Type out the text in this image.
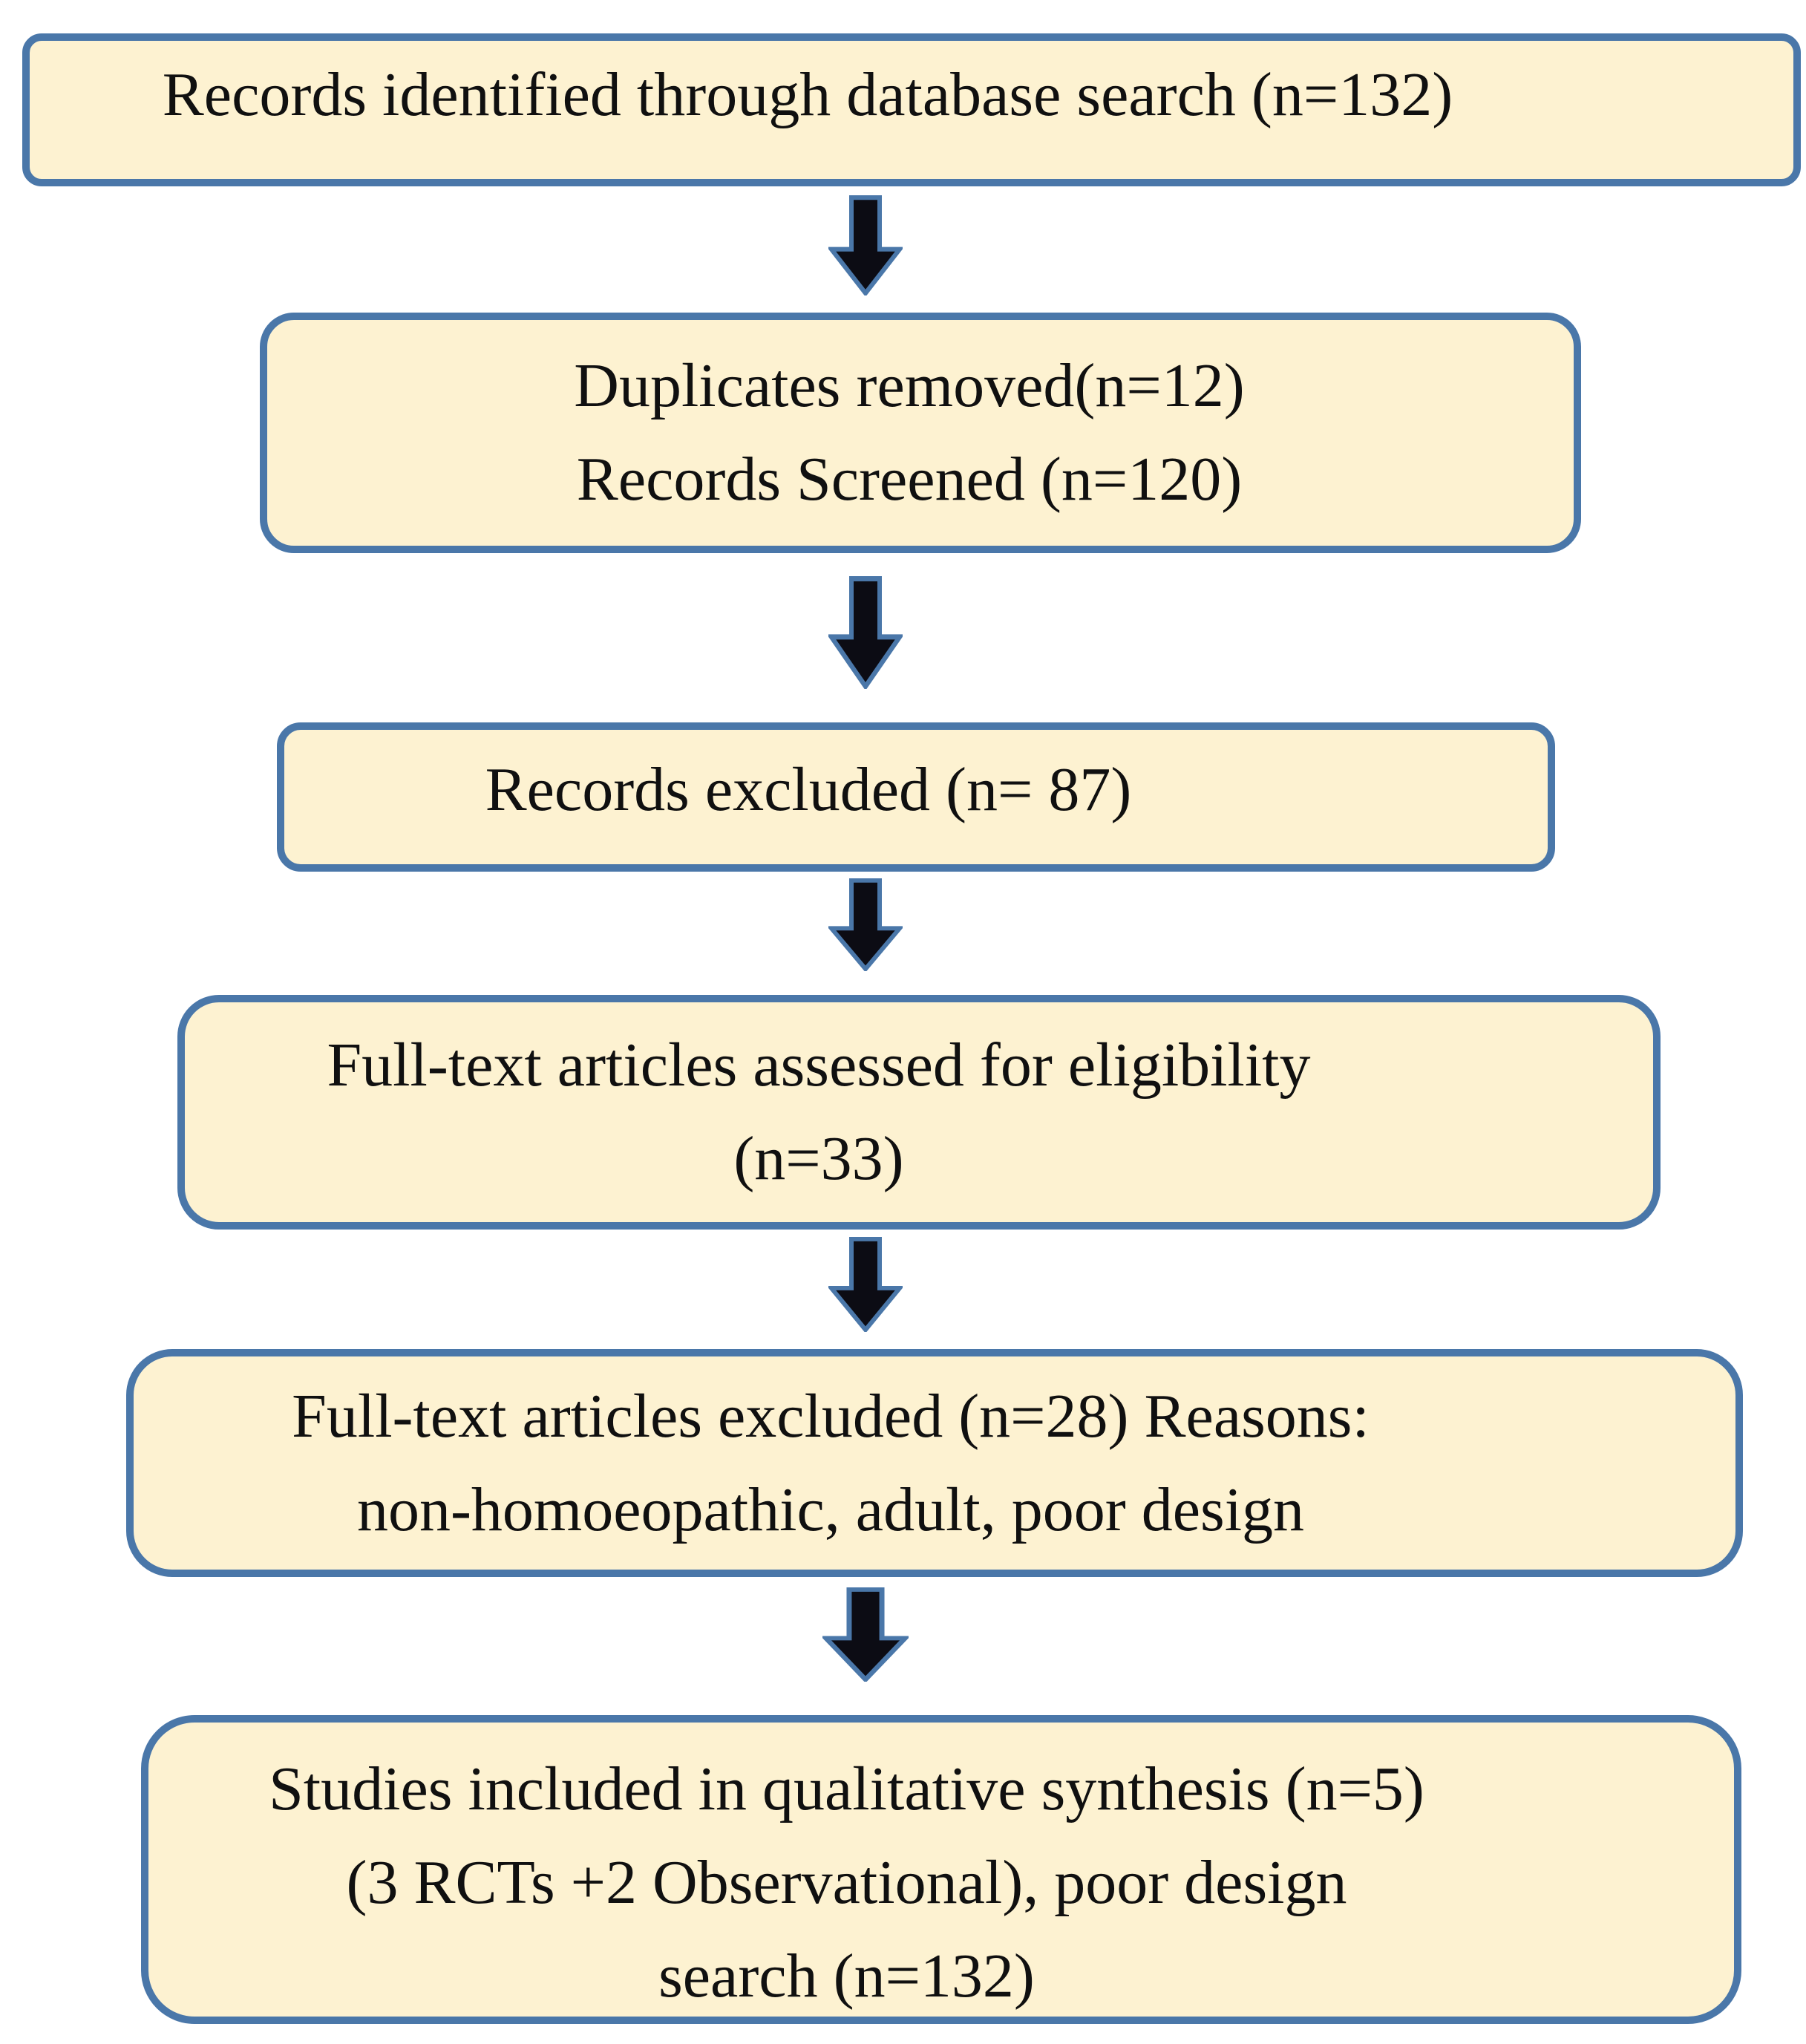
Records identified through database search (n=132)
Duplicates removed(n=12)
Records Screened (n=120)
Records excluded (n= 87)
Full-text articles assessed for eligibility
(n=33)
Full-text articles excluded (n=28) Reasons:
non-homoeopathic, adult, poor design
Studies included in qualitative synthesis (n=5)
(3 RCTs +2 Observational), poor design
search (n=132)
